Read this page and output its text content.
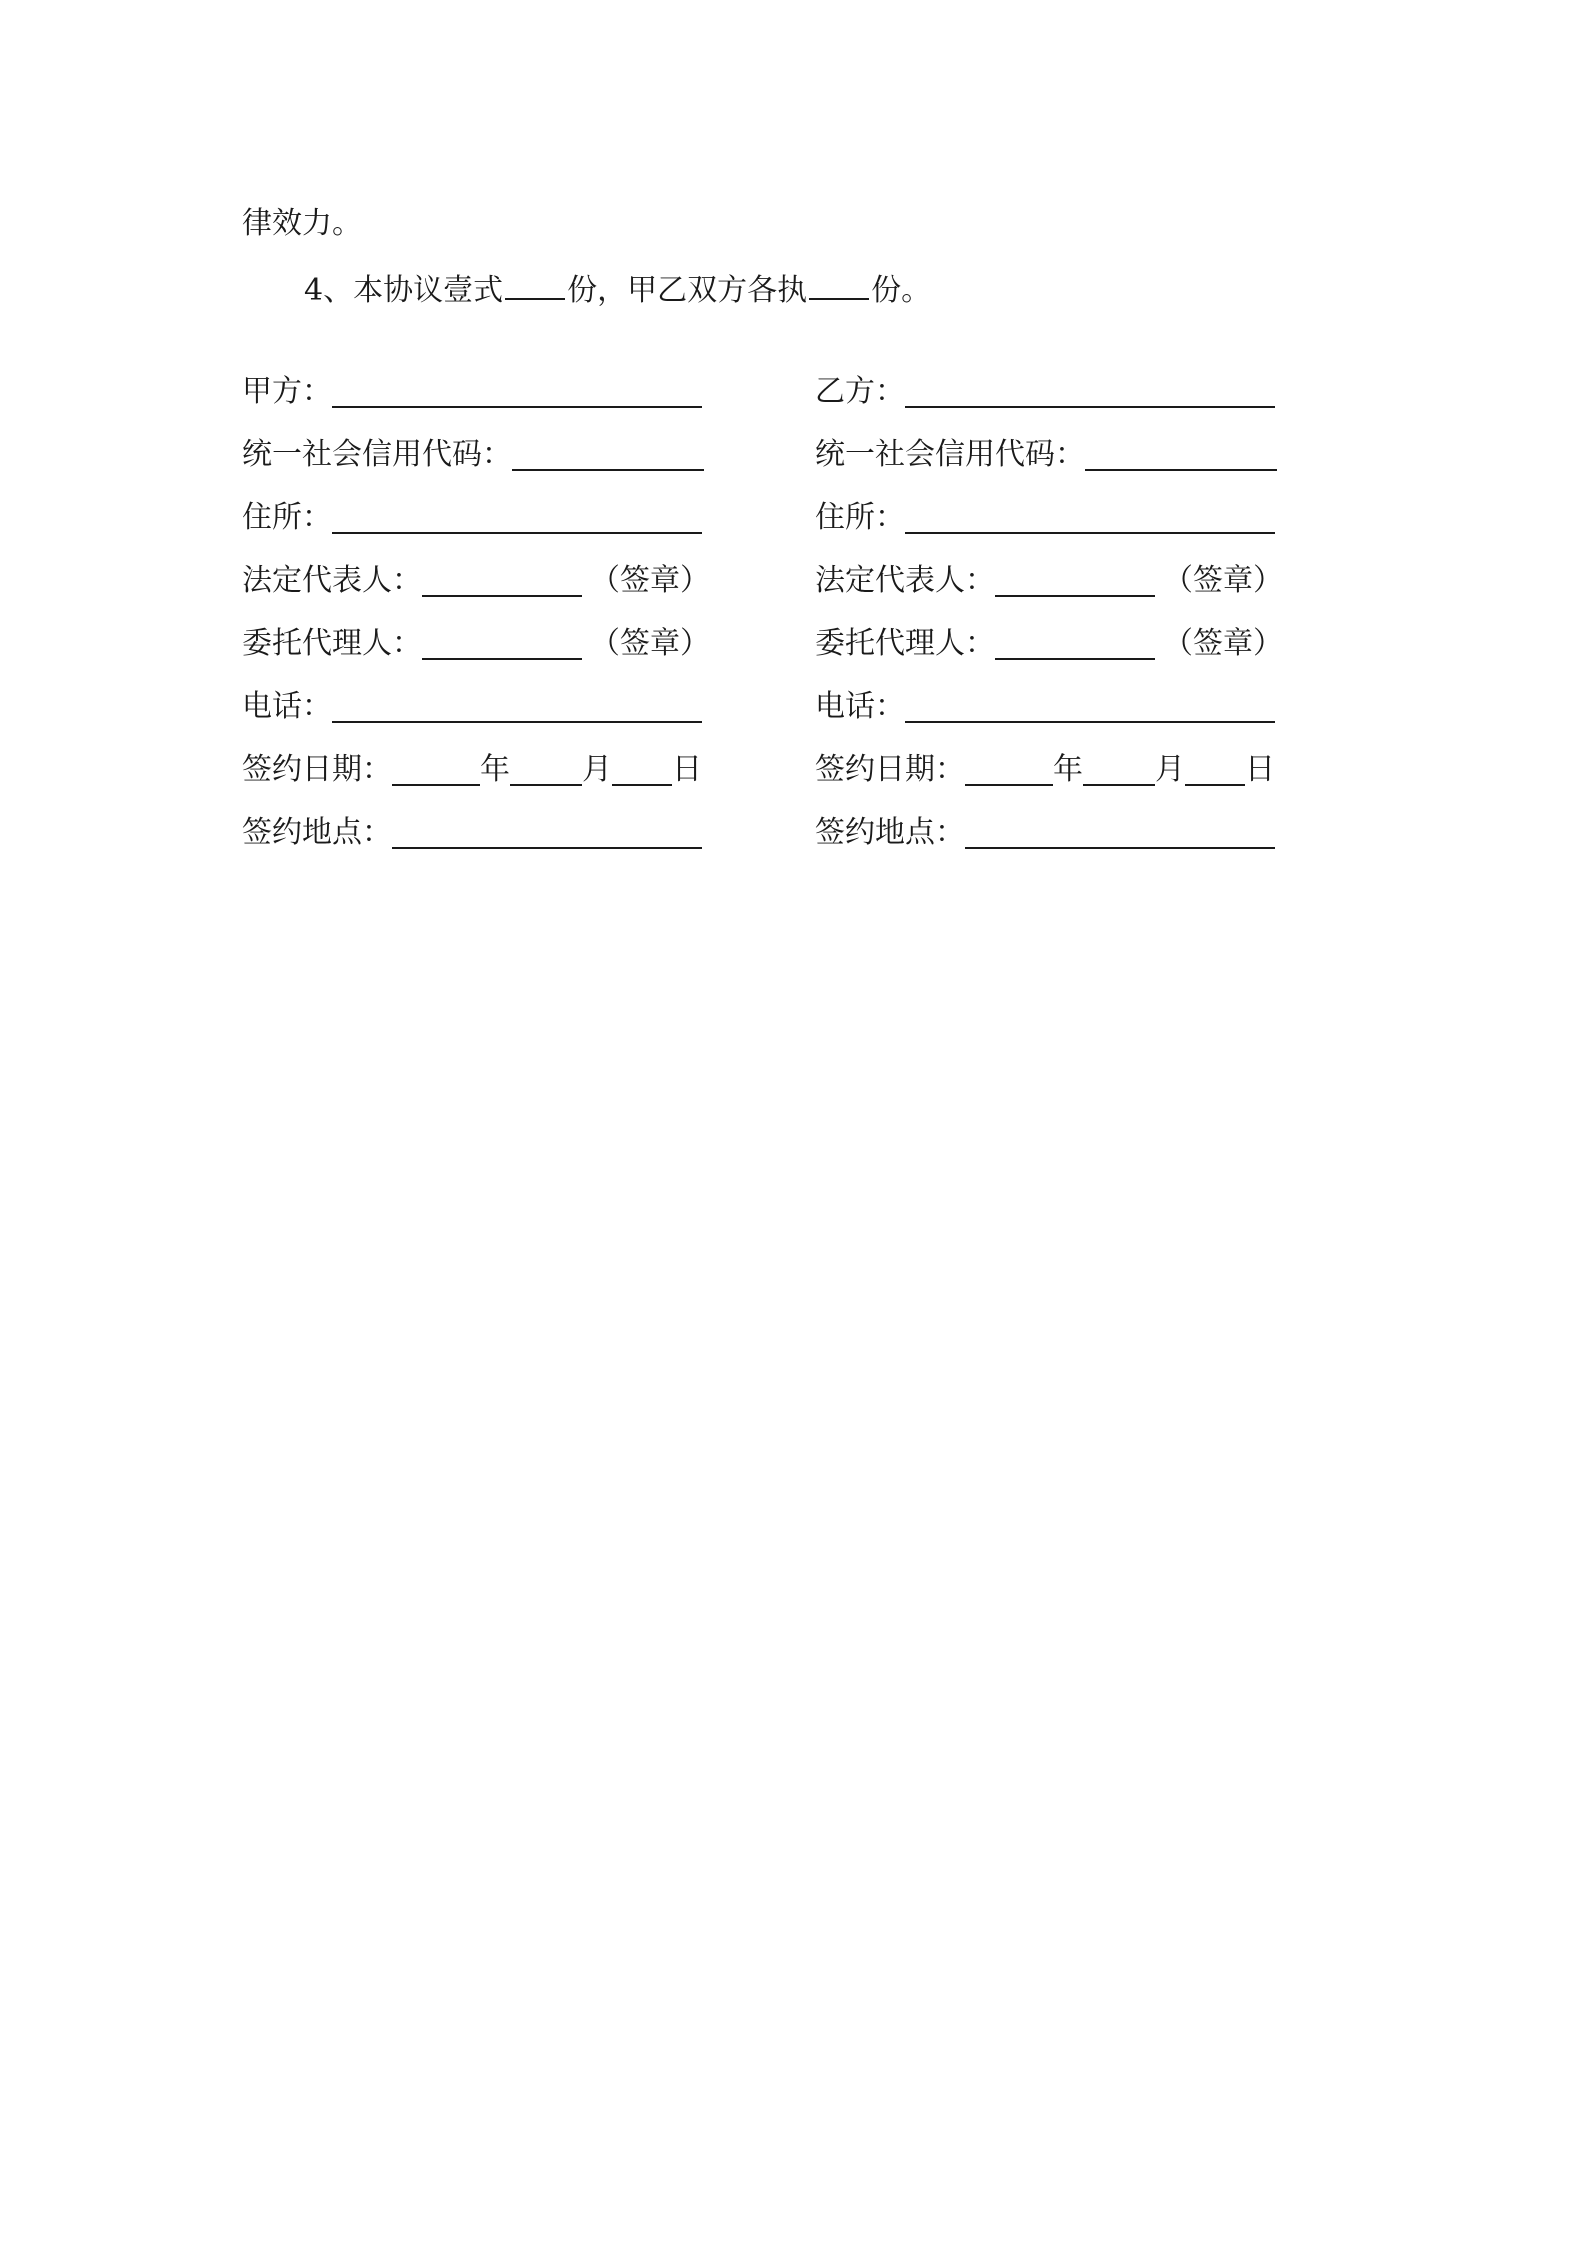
律效力。
4、本协议壹式 份，甲乙双方各执 份。
甲方：
统一社会信用代码：
住所：
法定代表人：	（签章）
委托代理人：	（签章）
电话：
签约日期：	年 月 日
签约地点：
乙方：
统一社会信用代码：
住所：
法定代表人：	（签章）
委托代理人：	（签章）
电话：
签约日期：	年 月 日
签约地点：
